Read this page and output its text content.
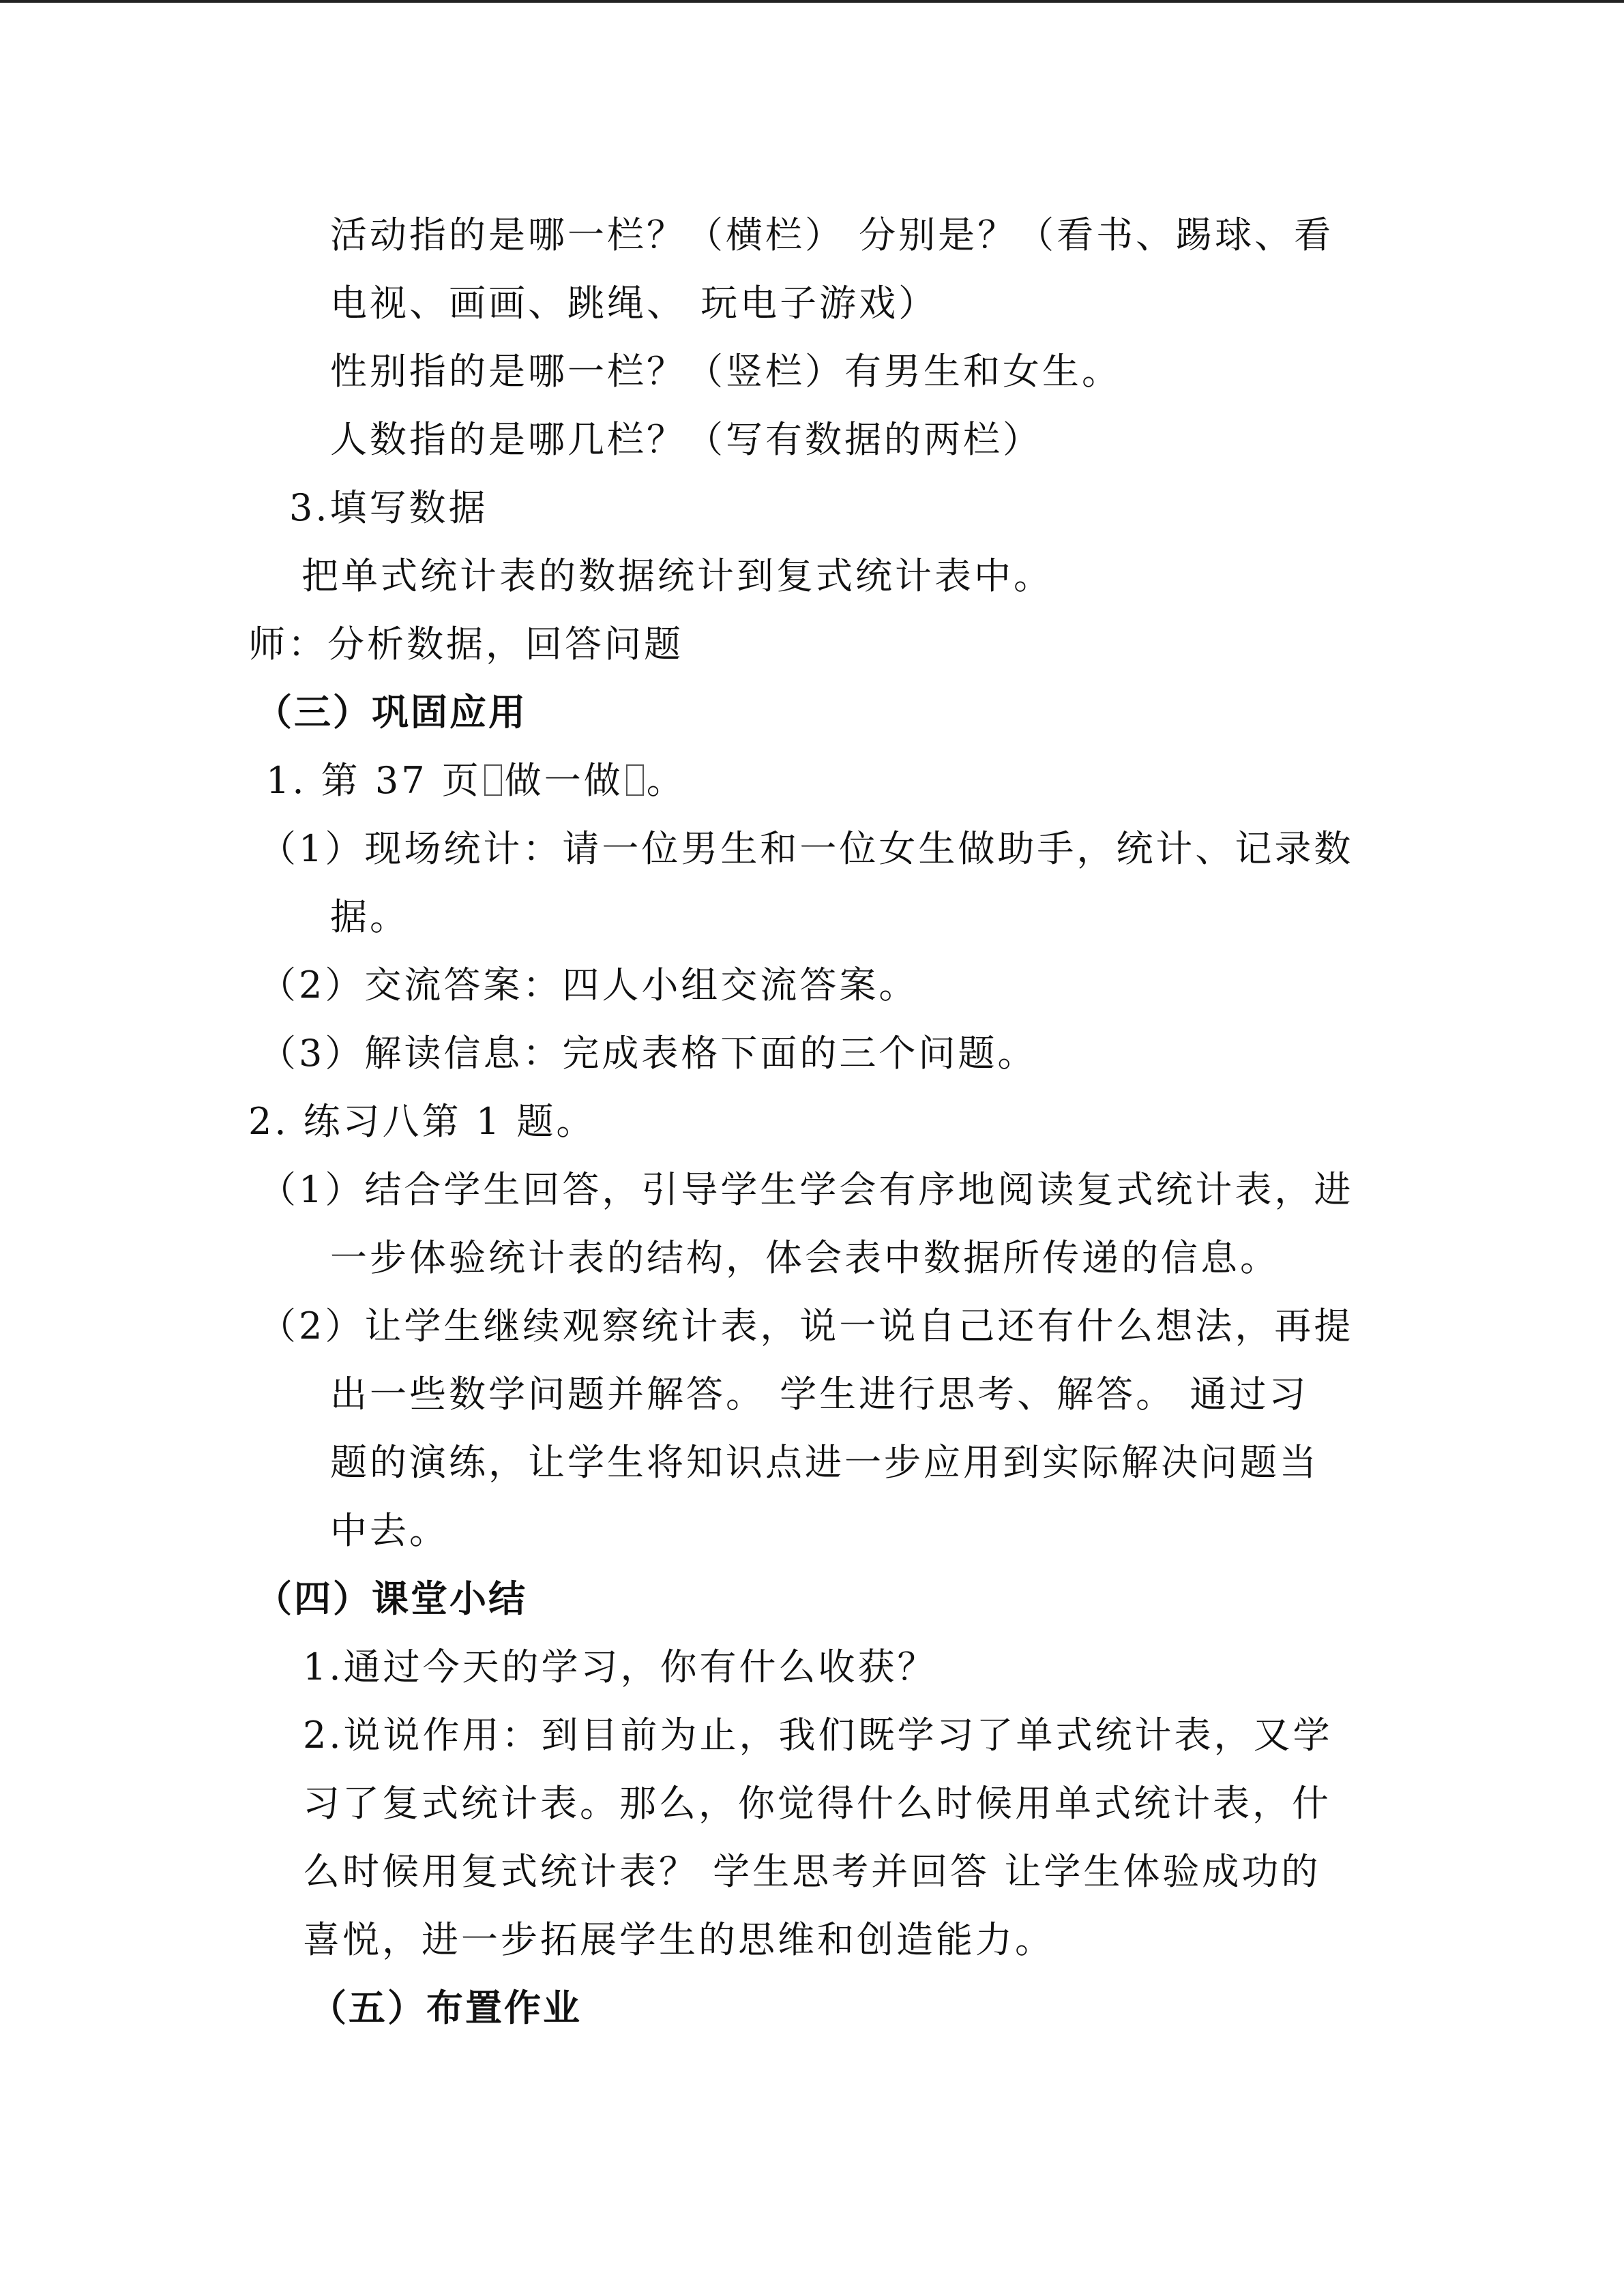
活动指的是哪一栏？（横栏） 分别是？（看书、踢球、看
电视、画画、跳绳、 玩电子游戏）
性别指的是哪一栏？（竖栏）有男生和女生。
人数指的是哪几栏？（写有数据的两栏）
3.填写数据
把单式统计表的数据统计到复式统计表中。
师：分析数据，回答问题
（三）巩固应用
1. 第 37 页 做一做 。
（1）现场统计：请一位男生和一位女生做助手，统计、记录数
据。
（2）交流答案：四人小组交流答案。
（3）解读信息：完成表格下面的三个问题。
2. 练习八第 1 题。
（1）结合学生回答，引导学生学会有序地阅读复式统计表，进
一步体验统计表的结构，体会表中数据所传递的信息。
（2）让学生继续观察统计表，说一说自己还有什么想法，再提
出一些数学问题并解答。 学生进行思考、解答。 通过习
题的演练，让学生将知识点进一步应用到实际解决问题当
中去。
（四）课堂小结
1.通过今天的学习，你有什么收获？
2.说说作用：到目前为止，我们既学习了单式统计表，又学
习了复式统计表。那么，你觉得什么时候用单式统计表，什
么时候用复式统计表？ 学生思考并回答 让学生体验成功的
喜悦，进一步拓展学生的思维和创造能力。
（五）布置作业
